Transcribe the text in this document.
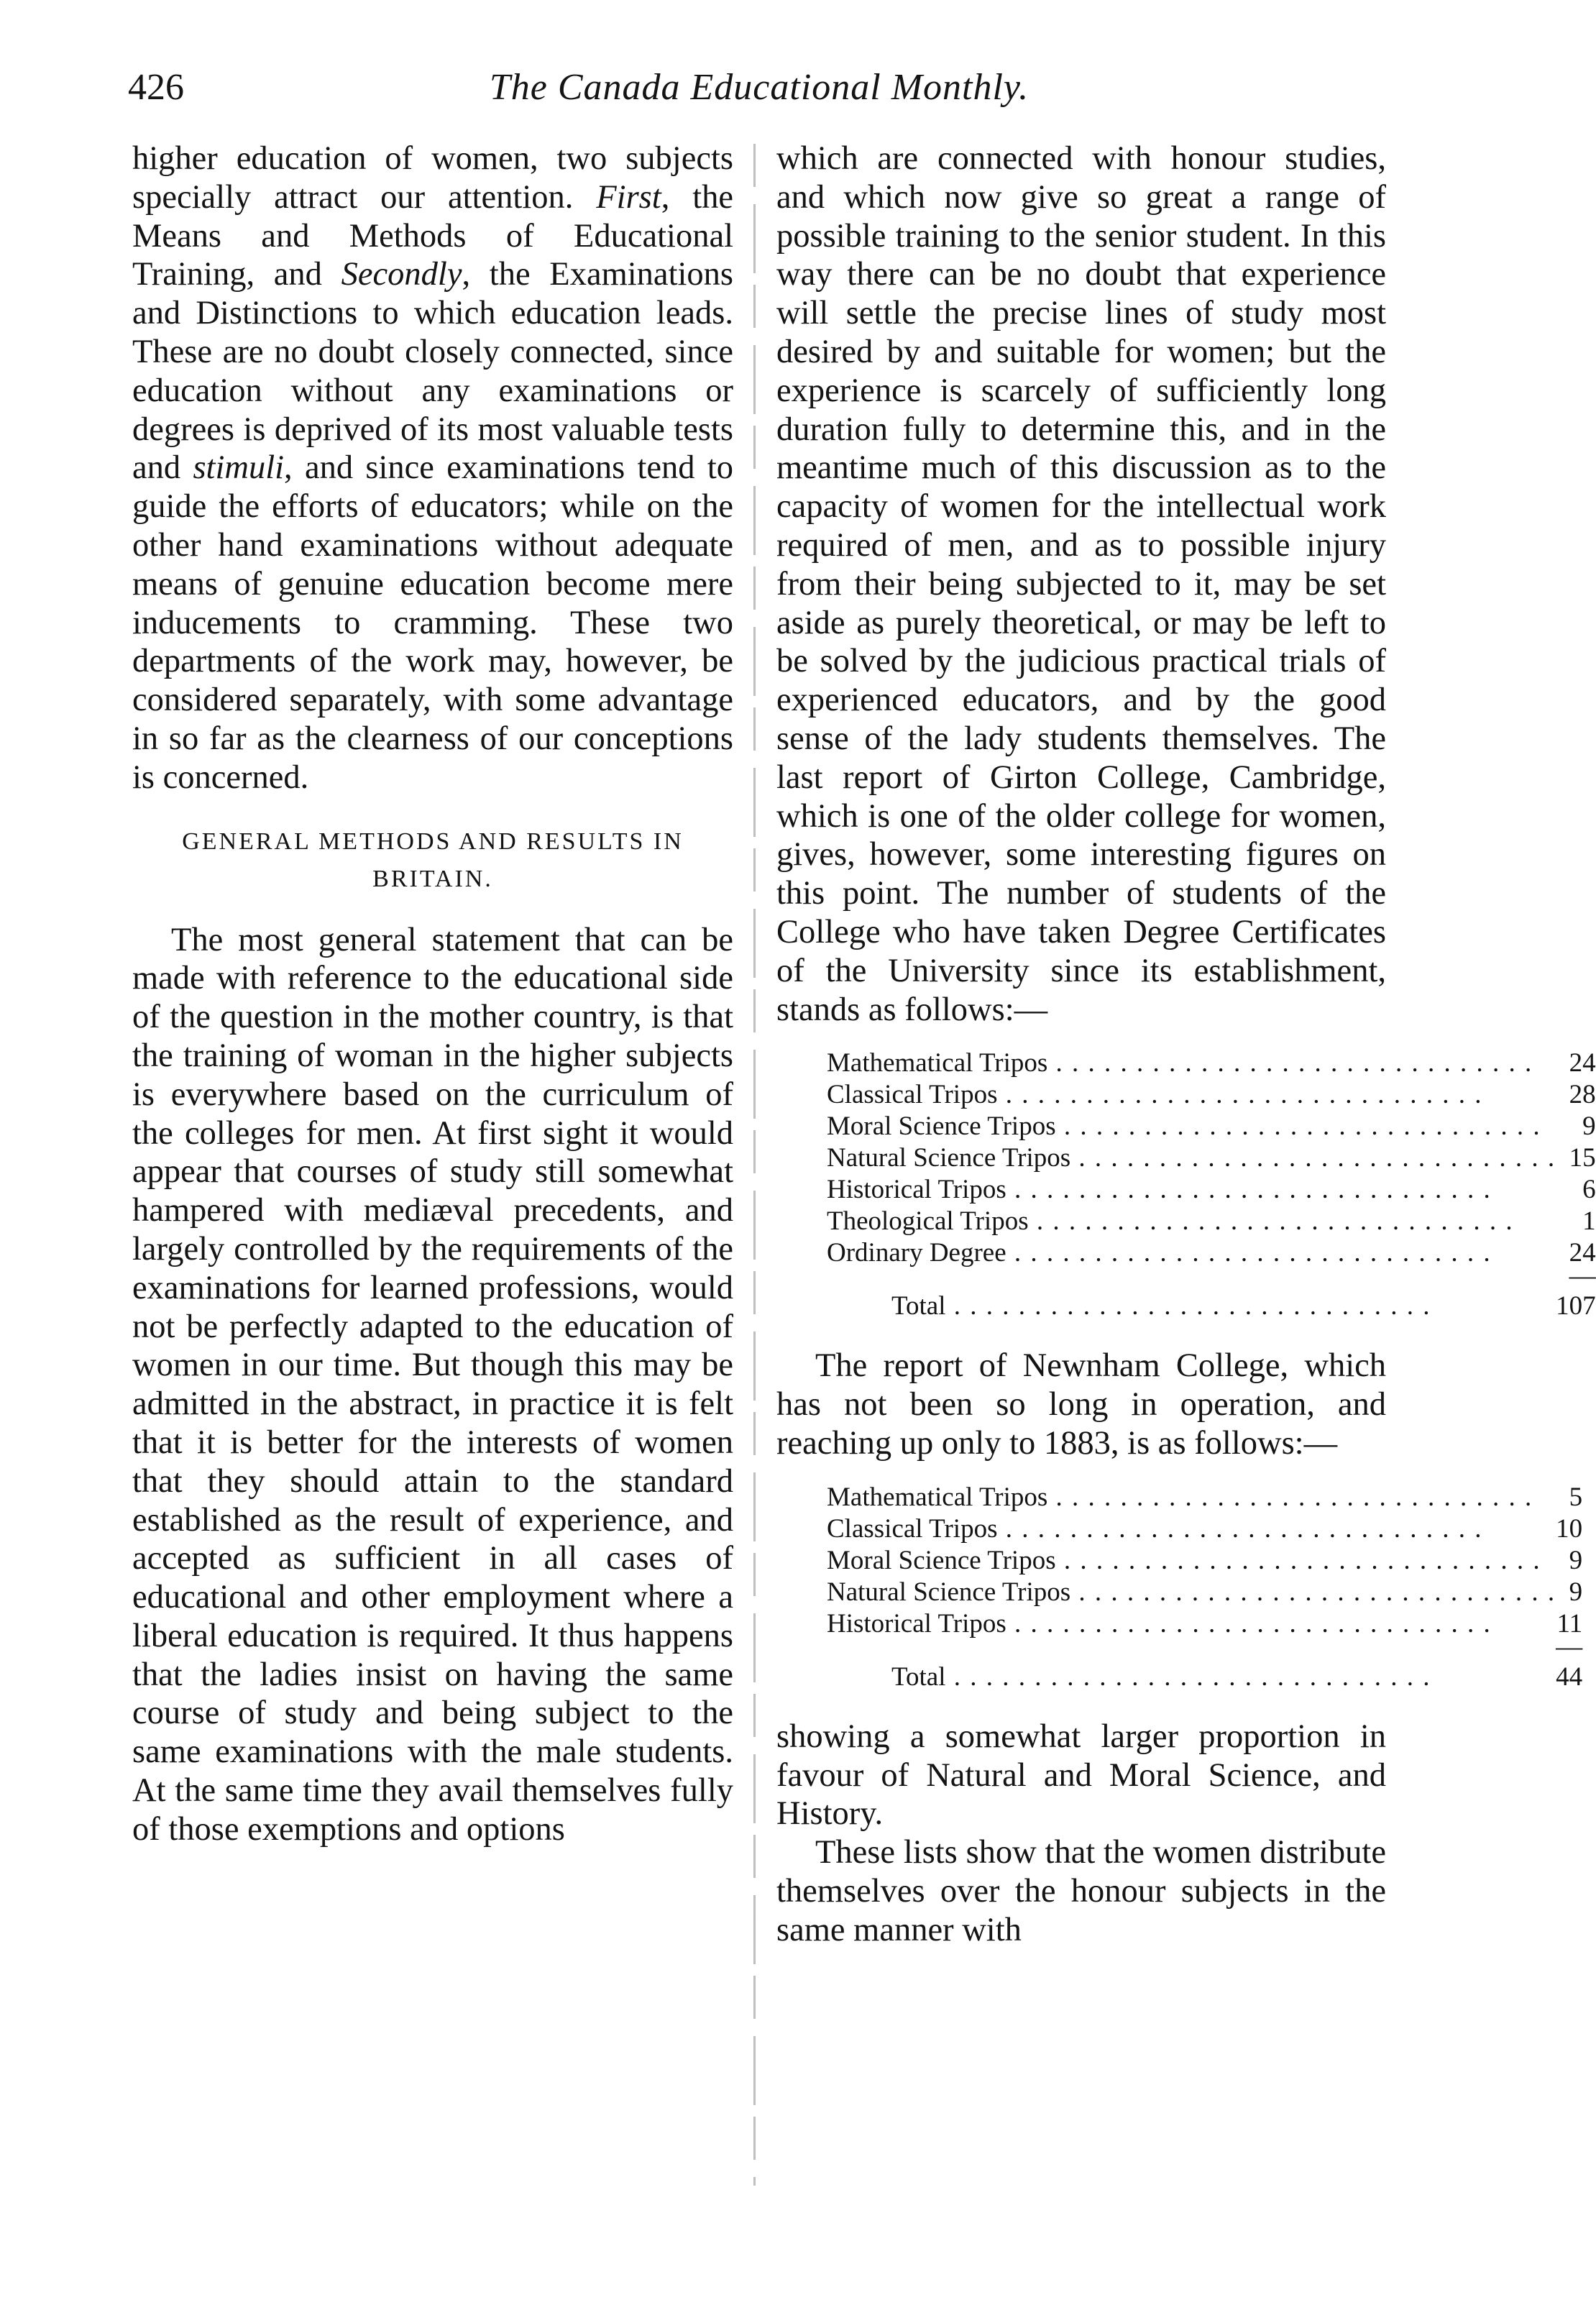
426	The Canada Educational Monthly.

higher education of women, two subjects specially attract our attention. First, the Means and Methods of Educational Training, and Secondly, the Examinations and Distinctions to which education leads. These are no doubt closely connected, since education without any examinations or degrees is deprived of its most valuable tests and stimuli, and since examinations tend to guide the efforts of educators; while on the other hand examinations without adequate means of genuine education become mere inducements to cramming. These two departments of the work may, however, be considered separately, with some advantage in so far as the clearness of our conceptions is concerned.

GENERAL METHODS AND RESULTS IN
BRITAIN.

The most general statement that can be made with reference to the educational side of the question in the mother country, is that the training of woman in the higher subjects is everywhere based on the curriculum of the colleges for men. At first sight it would appear that courses of study still somewhat hampered with mediæval precedents, and largely controlled by the requirements of the examinations for learned professions, would not be perfectly adapted to the education of women in our time. But though this may be admitted in the abstract, in practice it is felt that it is better for the interests of women that they should attain to the standard established as the result of experience, and accepted as sufficient in all cases of educational and other employment where a liberal education is required. It thus happens that the ladies insist on having the same course of study and being subject to the same examinations with the male students. At the same time they avail themselves fully of those exemptions and options

which are connected with honour studies, and which now give so great a range of possible training to the senior student. In this way there can be no doubt that experience will settle the precise lines of study most desired by and suitable for women; but the experience is scarcely of sufficiently long duration fully to determine this, and in the meantime much of this discussion as to the capacity of women for the intellectual work required of men, and as to possible injury from their being subjected to it, may be set aside as purely theoretical, or may be left to be solved by the judicious practical trials of experienced educators, and by the good sense of the lady students themselves. The last report of Girton College, Cambridge, which is one of the older college for women, gives, however, some interesting figures on this point. The number of students of the College who have taken Degree Certificates of the University since its establishment, stands as follows:—

Mathematical Tripos . . .	24
Classical Tripos . . .	28
Moral Science Tripos . . .	9
Natural Science Tripos . . .	15
Historical Tripos . . .	6
Theological Tripos . . .	1
Ordinary Degree . . .	24
	—
Total . . .	107

The report of Newnham College, which has not been so long in operation, and reaching up only to 1883, is as follows:—

Mathematical Tripos . . .	5
Classical Tripos . . .	10
Moral Science Tripos . . .	9
Natural Science Tripos . . .	9
Historical Tripos . . .	11
	—
Total . . .	44

showing a somewhat larger proportion in favour of Natural and Moral Science, and History.

These lists show that the women distribute themselves over the honour subjects in the same manner with
